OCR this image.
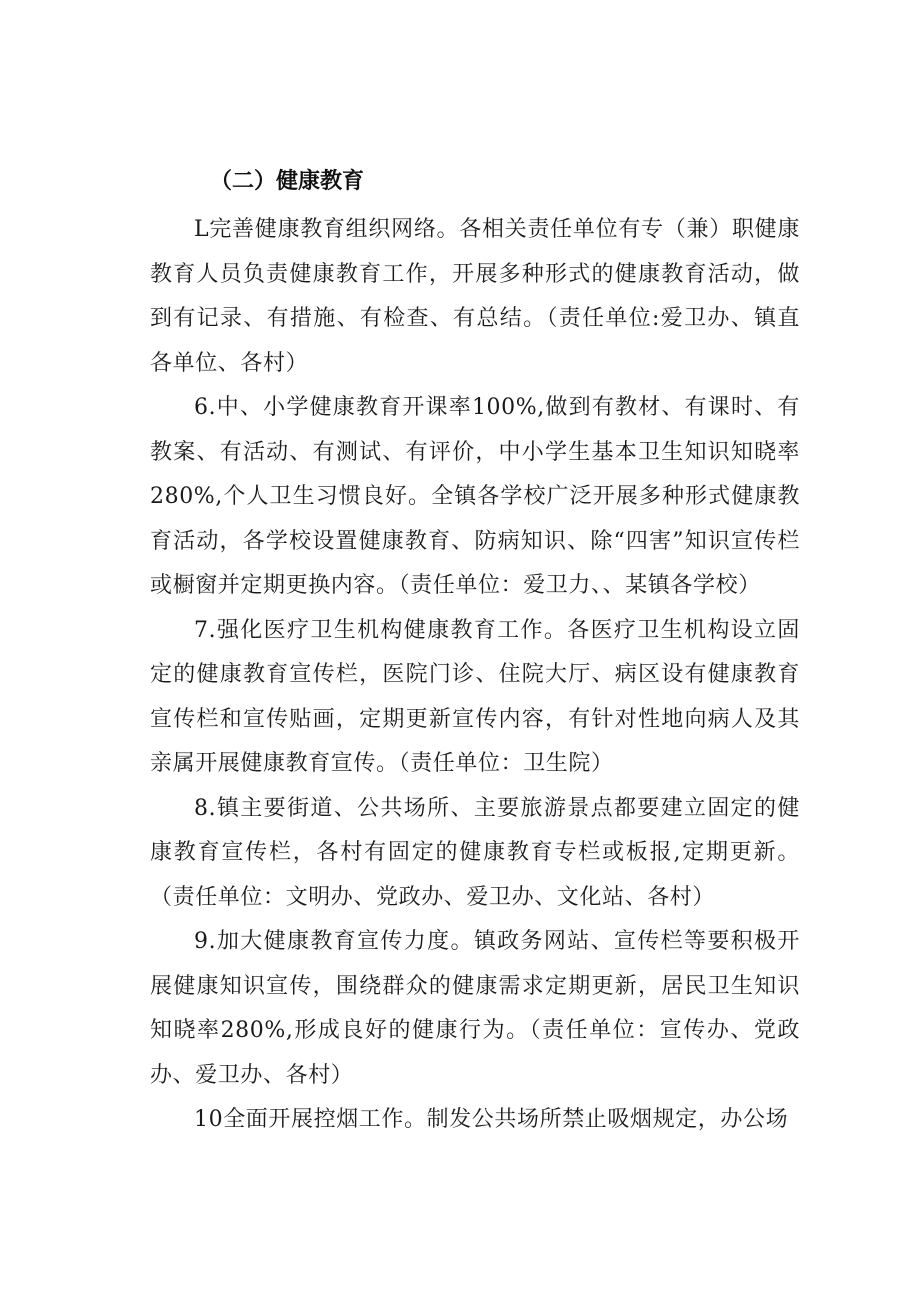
（二）健康教育

L完善健康教育组织网络。各相关责任单位有专（兼）职健康教育人员负责健康教育工作，开展多种形式的健康教育活动，做到有记录、有措施、有检查、有总结。（责任单位:爱卫办、镇直各单位、各村）

6.中、小学健康教育开课率100%,做到有教材、有课时、有教案、有活动、有测试、有评价，中小学生基本卫生知识知晓率280%,个人卫生习惯良好。全镇各学校广泛开展多种形式健康教育活动，各学校设置健康教育、防病知识、除“四害”知识宣传栏或橱窗并定期更换内容。（责任单位：爱卫力、、某镇各学校）

7.强化医疗卫生机构健康教育工作。各医疗卫生机构设立固定的健康教育宣传栏，医院门诊、住院大厅、病区设有健康教育宣传栏和宣传贴画，定期更新宣传内容，有针对性地向病人及其亲属开展健康教育宣传。（责任单位：卫生院）

8.镇主要街道、公共场所、主要旅游景点都要建立固定的健康教育宣传栏，各村有固定的健康教育专栏或板报,定期更新。（责任单位：文明办、党政办、爱卫办、文化站、各村）

9.加大健康教育宣传力度。镇政务网站、宣传栏等要积极开展健康知识宣传，围绕群众的健康需求定期更新，居民卫生知识知晓率280%,形成良好的健康行为。（责任单位：宣传办、党政办、爱卫办、各村）

10全面开展控烟工作。制发公共场所禁止吸烟规定，办公场
